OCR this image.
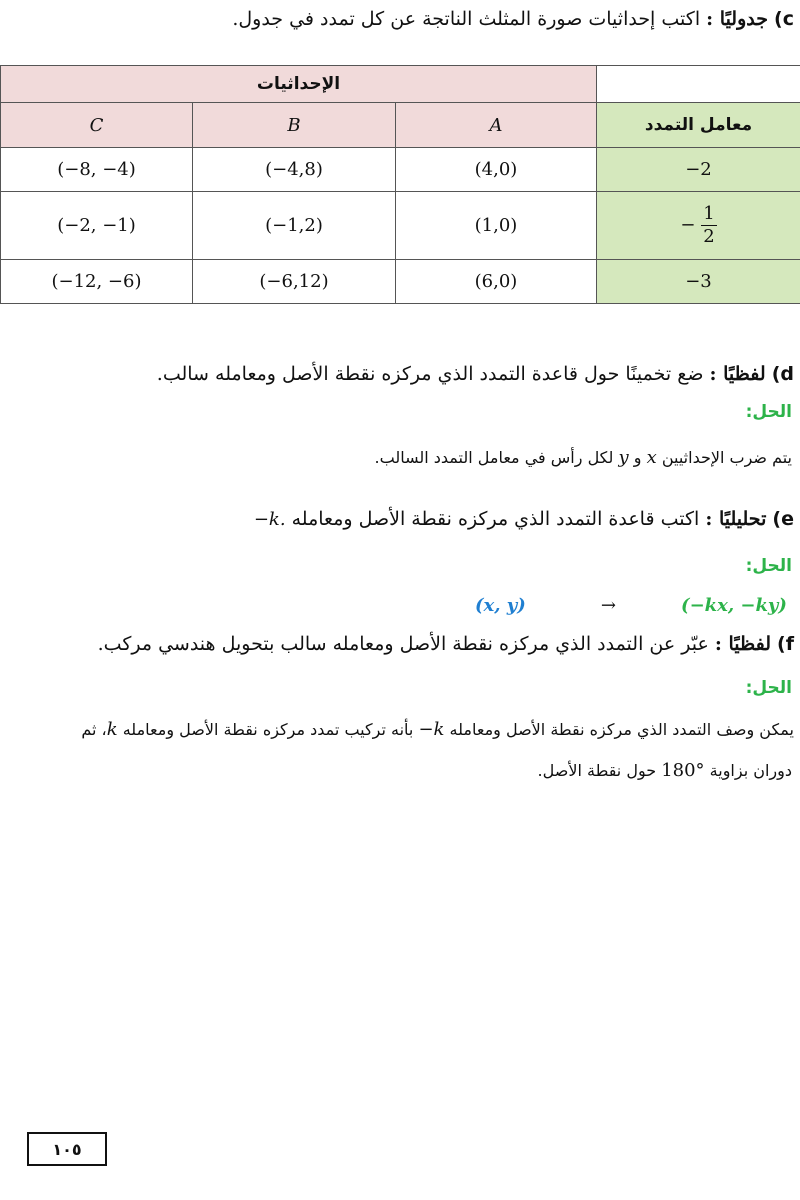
c) جدوليًا : اكتب إحداثيات صورة المثلث الناتجة عن كل تمدد في جدول.
الإحداثيات			
C	B	A	معامل التمدد
(−8, −4)	(−4,8)	(4,0)	−2
(−2, −1)	(−1,2)	(1,0)	− $\frac{1}{2}$

(−12, −6)	(−6,12)	(6,0)	−3
d) لفظيًا : ضع تخمينًا حول قاعدة التمدد الذي مركزه نقطة الأصل ومعامله سالب.
الحل:
يتم ضرب الإحداثيين x و y لكل رأس في معامل التمدد السالب.
e) تحليليًا : اكتب قاعدة التمدد الذي مركزه نقطة الأصل ومعامله −k.
الحل:
(x, y)	→	(−kx, −ky)
f) لفظيًا : عبّر عن التمدد الذي مركزه نقطة الأصل ومعامله سالب بتحويل هندسي مركب.
الحل:
يمكن وصف التمدد الذي مركزه نقطة الأصل ومعامله k− بأنه تركيب تمدد مركزه نقطة الأصل ومعامله k، ثم
دوران بزاوية 180° حول نقطة الأصل.
١٠٥
